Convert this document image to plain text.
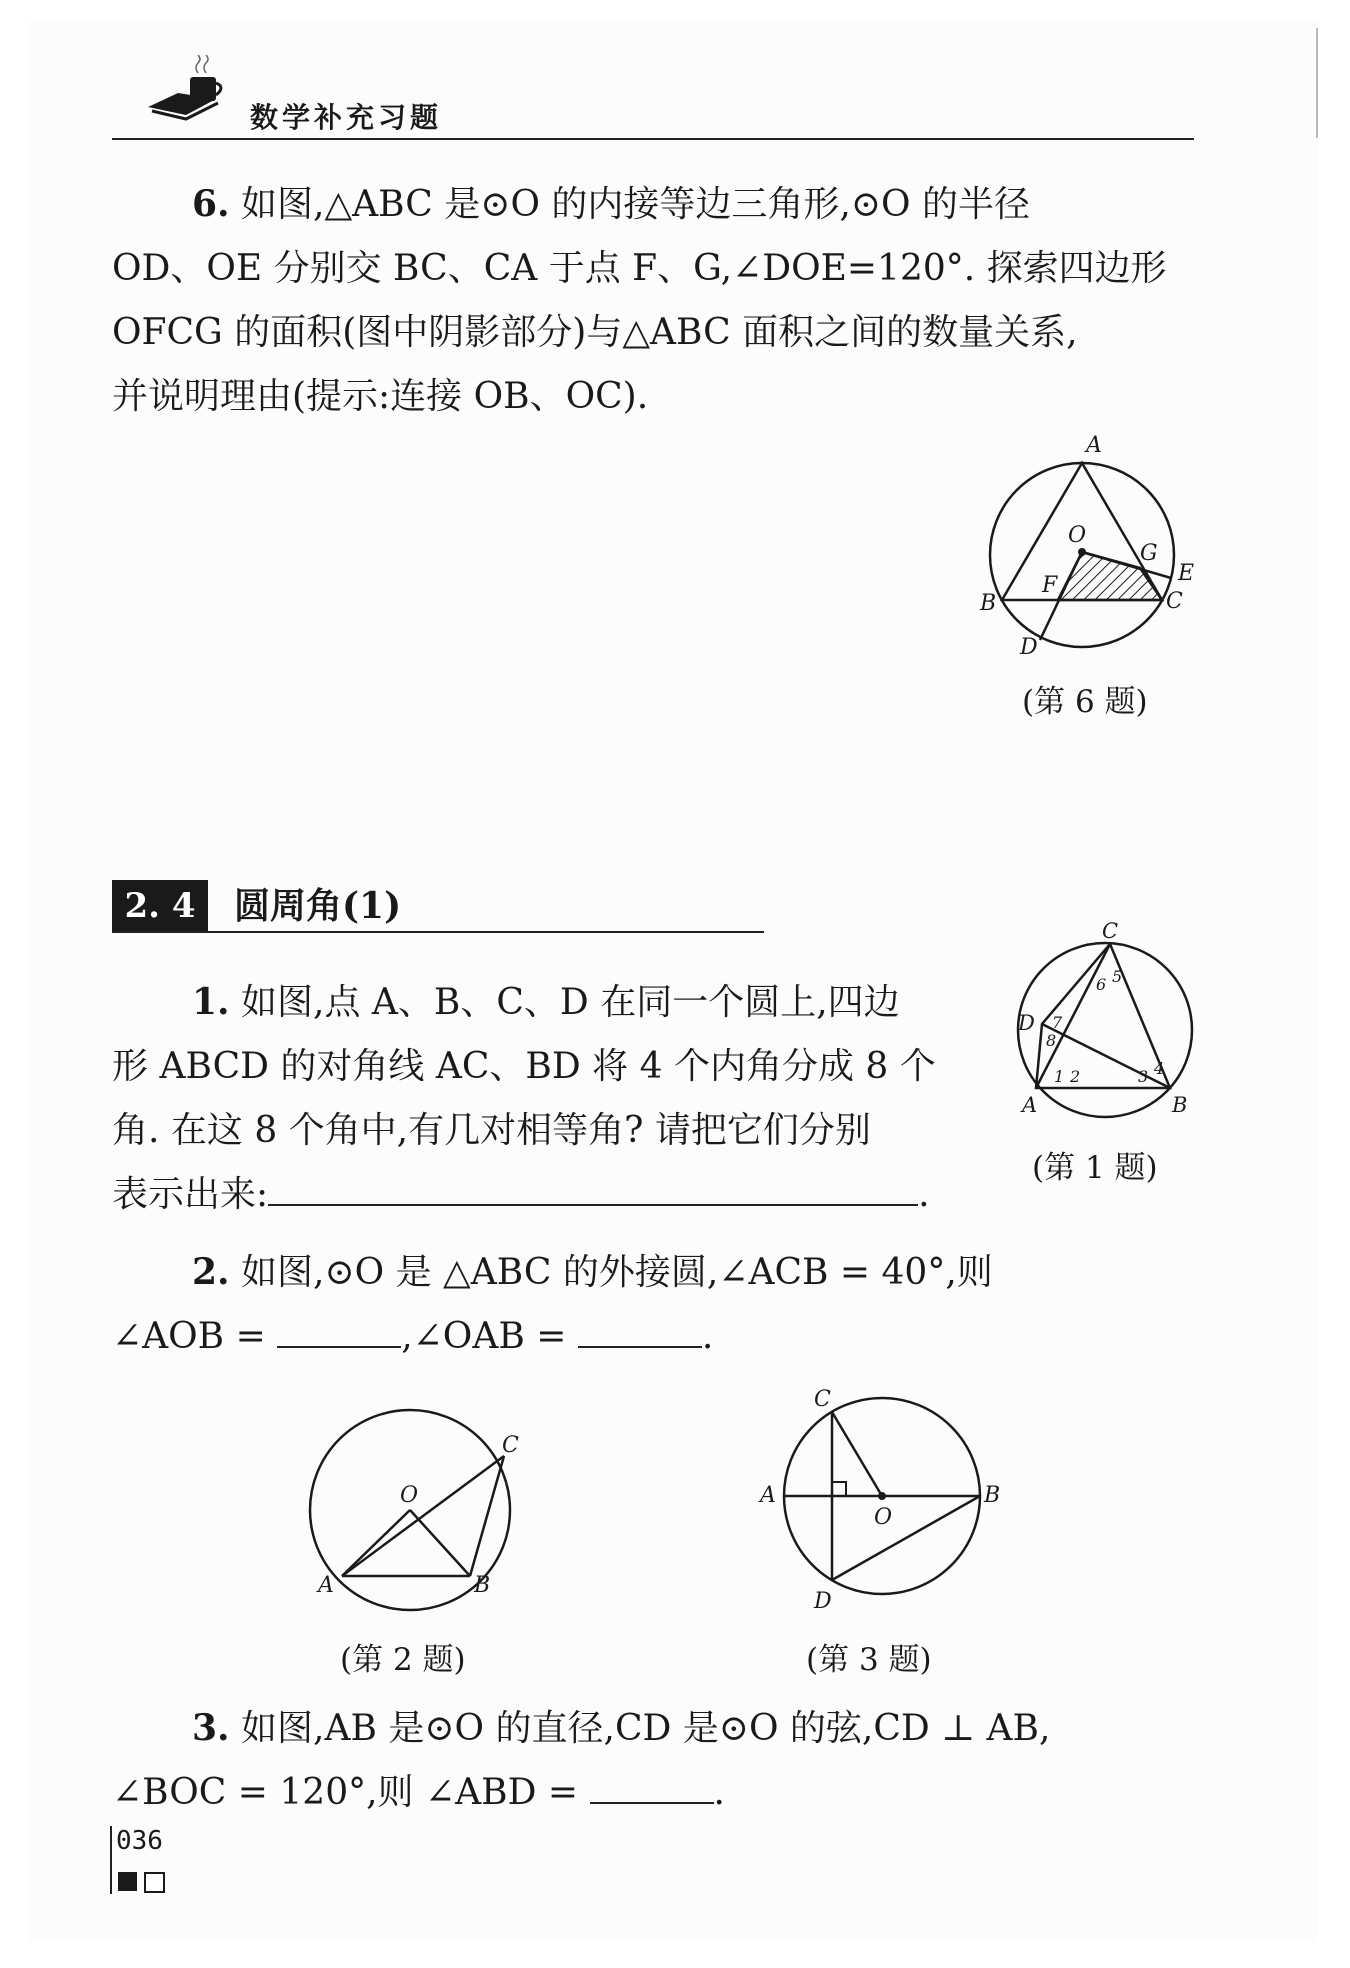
数学补充习题

6. 如图,△ABC 是⊙O 的内接等边三角形,⊙O 的半径

OD、OE 分别交 BC、CA 于点 F、G,∠DOE=120°. 探索四边形

OFCG 的面积(图中阴影部分)与△ABC 面积之间的数量关系,

并说明理由(提示:连接 OB、OC).

A
B	C
D
E
F
G
O
(第 6 题)
2. 4	圆周角(1)

1. 如图,点 A、B、C、D 在同一个圆上,四边

形 ABCD 的对角线 AC、BD 将 4 个内角分成 8 个

角. 在这 8 个角中,有几对相等角? 请把它们分别

表示出来:	.

C
D
A	B
1 2	3 4
5
6
7
8
(第 1 题)

2. 如图,⊙O 是 △ABC 的外接圆,∠ACB = 40°,则

∠AOB =	,∠OAB =	.

O
A	B
C
(第 2 题)
C
A	B
O
D
(第 3 题)

3. 如图,AB 是⊙O 的直径,CD 是⊙O 的弦,CD ⊥ AB,

∠BOC = 120°,则 ∠ABD =	.

036
